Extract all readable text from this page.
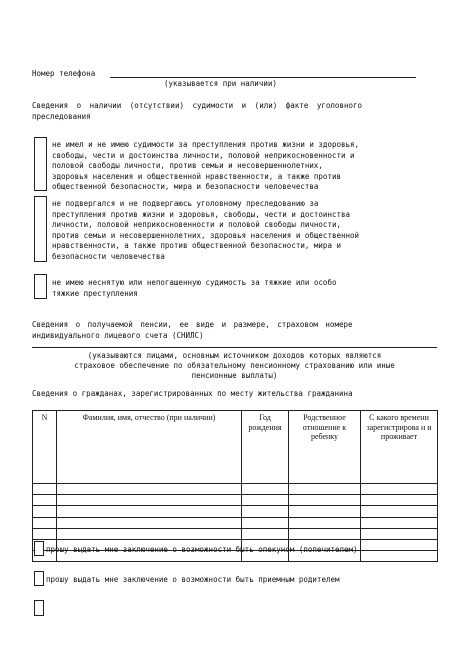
Номер телефона
(указывается при наличии)
Сведения о наличии (отсутствии) судимости и (или) факте уголовного
преследования
не имел и не имею судимости за преступления против жизни и здоровья,
свободы, чести и достоинства личности, половой неприкосновенности и
половой свободы личности, против семьи и несовершеннолетних,
здоровья населения и общественной нравственности, а также против
общественной безопасности, мира и безопасности человечества
не подвергался и не подвергаюсь уголовному преследованию за
преступления против жизни и здоровья, свободы, чести и достоинства
личности, половой неприкосновенности и половой свободы личности,
против семьи и несовершеннолетних, здоровья населения и общественной
нравственности, а также против общественной безопасности, мира и
безопасности человечества
не имею неснятую или непогашенную судимость за тяжкие или особо
тяжкие преступления
Сведения о получаемой пенсии, ее виде и размере, страховом номере
индивидуального лицевого счета (СНИЛС)
(указываются лицами, основным источником доходов которых являются
страховое обеспечение по обязательному пенсионному страхованию или иные
пенсионные выплаты)
Сведения о гражданах, зарегистрированных по месту жительства гражданина
N	Фамилия, имя, отчество (при наличии)	Год рождения	Родственное отношение к ребенку	С какого времени зарегистрирова н и проживает

прошу выдать мне заключение о возможности быть опекуном (попечителем)
прошу выдать мне заключение о возможности быть приемным родителем
